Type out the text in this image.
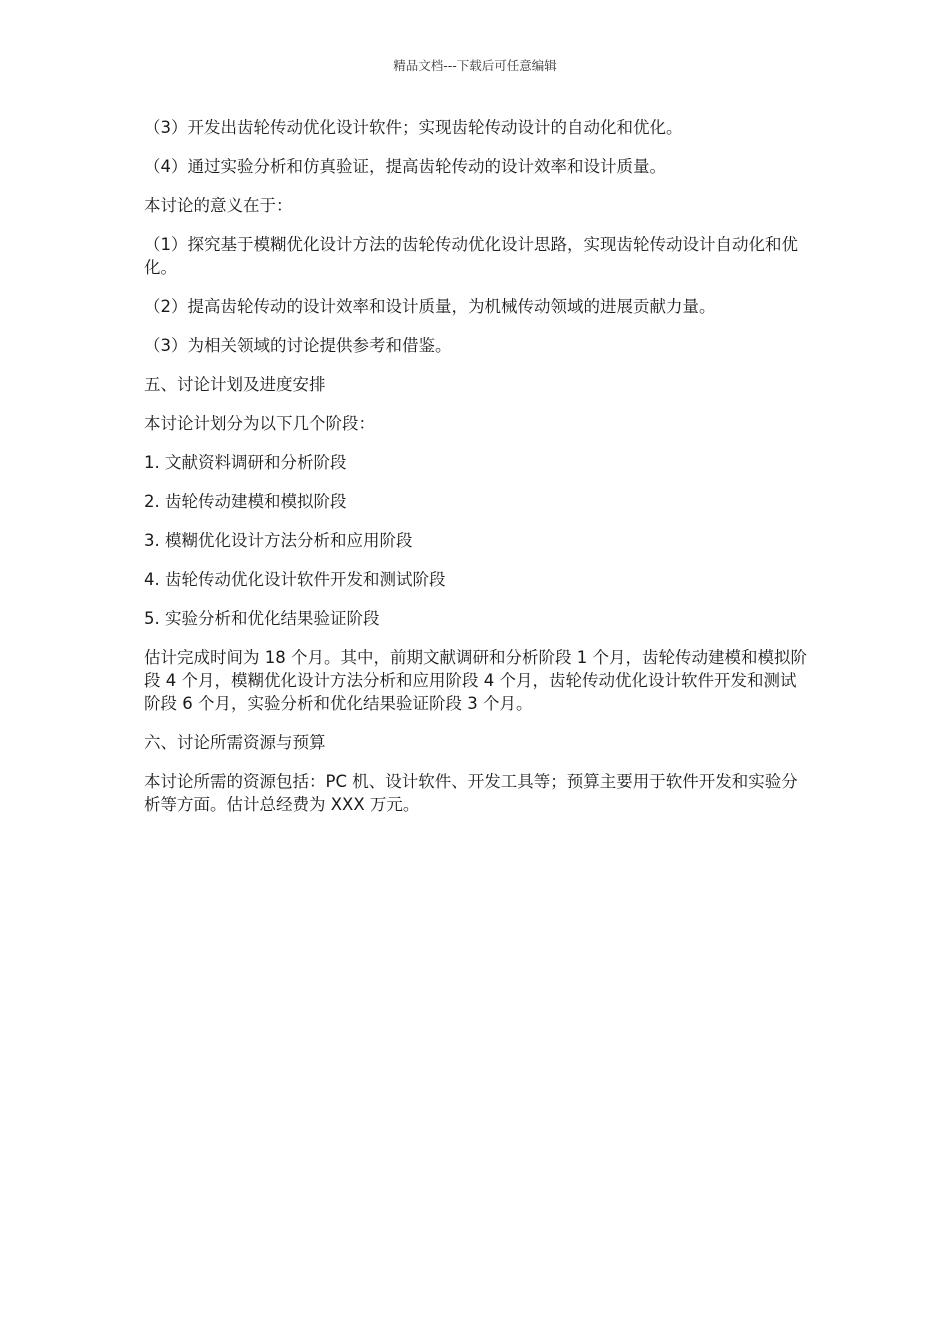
精品文档---下载后可任意编辑

（3）开发出齿轮传动优化设计软件；实现齿轮传动设计的自动化和优化。

（4）通过实验分析和仿真验证，提高齿轮传动的设计效率和设计质量。

本讨论的意义在于：

（1）探究基于模糊优化设计方法的齿轮传动优化设计思路，实现齿轮传动设计自动化和优化。

（2）提高齿轮传动的设计效率和设计质量，为机械传动领域的进展贡献力量。

（3）为相关领域的讨论提供参考和借鉴。

五、讨论计划及进度安排

本讨论计划分为以下几个阶段：

1. 文献资料调研和分析阶段

2. 齿轮传动建模和模拟阶段

3. 模糊优化设计方法分析和应用阶段

4. 齿轮传动优化设计软件开发和测试阶段

5. 实验分析和优化结果验证阶段

估计完成时间为 18 个月。其中，前期文献调研和分析阶段 1 个月，齿轮传动建模和模拟阶段 4 个月，模糊优化设计方法分析和应用阶段 4 个月，齿轮传动优化设计软件开发和测试阶段 6 个月，实验分析和优化结果验证阶段 3 个月。

六、讨论所需资源与预算

本讨论所需的资源包括：PC 机、设计软件、开发工具等；预算主要用于软件开发和实验分析等方面。估计总经费为 XXX 万元。
